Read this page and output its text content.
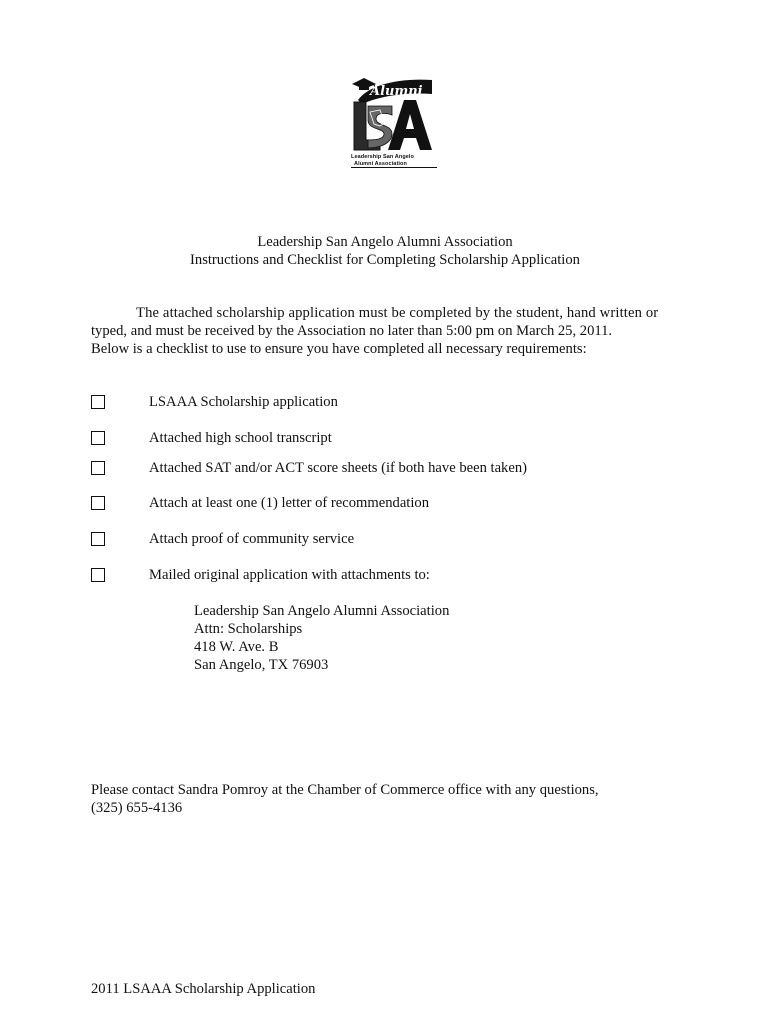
Alumni
Leadership San Angelo
Alumni Association
Leadership San Angelo Alumni Association
Instructions and Checklist for Completing Scholarship Application
The attached scholarship application must be completed by the student, hand written or
typed, and must be received by the Association no later than 5:00 pm on March 25, 2011.
Below is a checklist to use to ensure you have completed all necessary requirements:
LSAAA Scholarship application
Attached high school transcript
Attached SAT and/or ACT score sheets (if both have been taken)
Attach at least one (1) letter of recommendation
Attach proof of community service
Mailed original application with attachments to:
Leadership San Angelo Alumni Association
Attn: Scholarships
418 W. Ave. B
San Angelo, TX 76903
Please contact Sandra Pomroy at the Chamber of Commerce office with any questions,
(325) 655-4136
2011 LSAAA Scholarship Application
